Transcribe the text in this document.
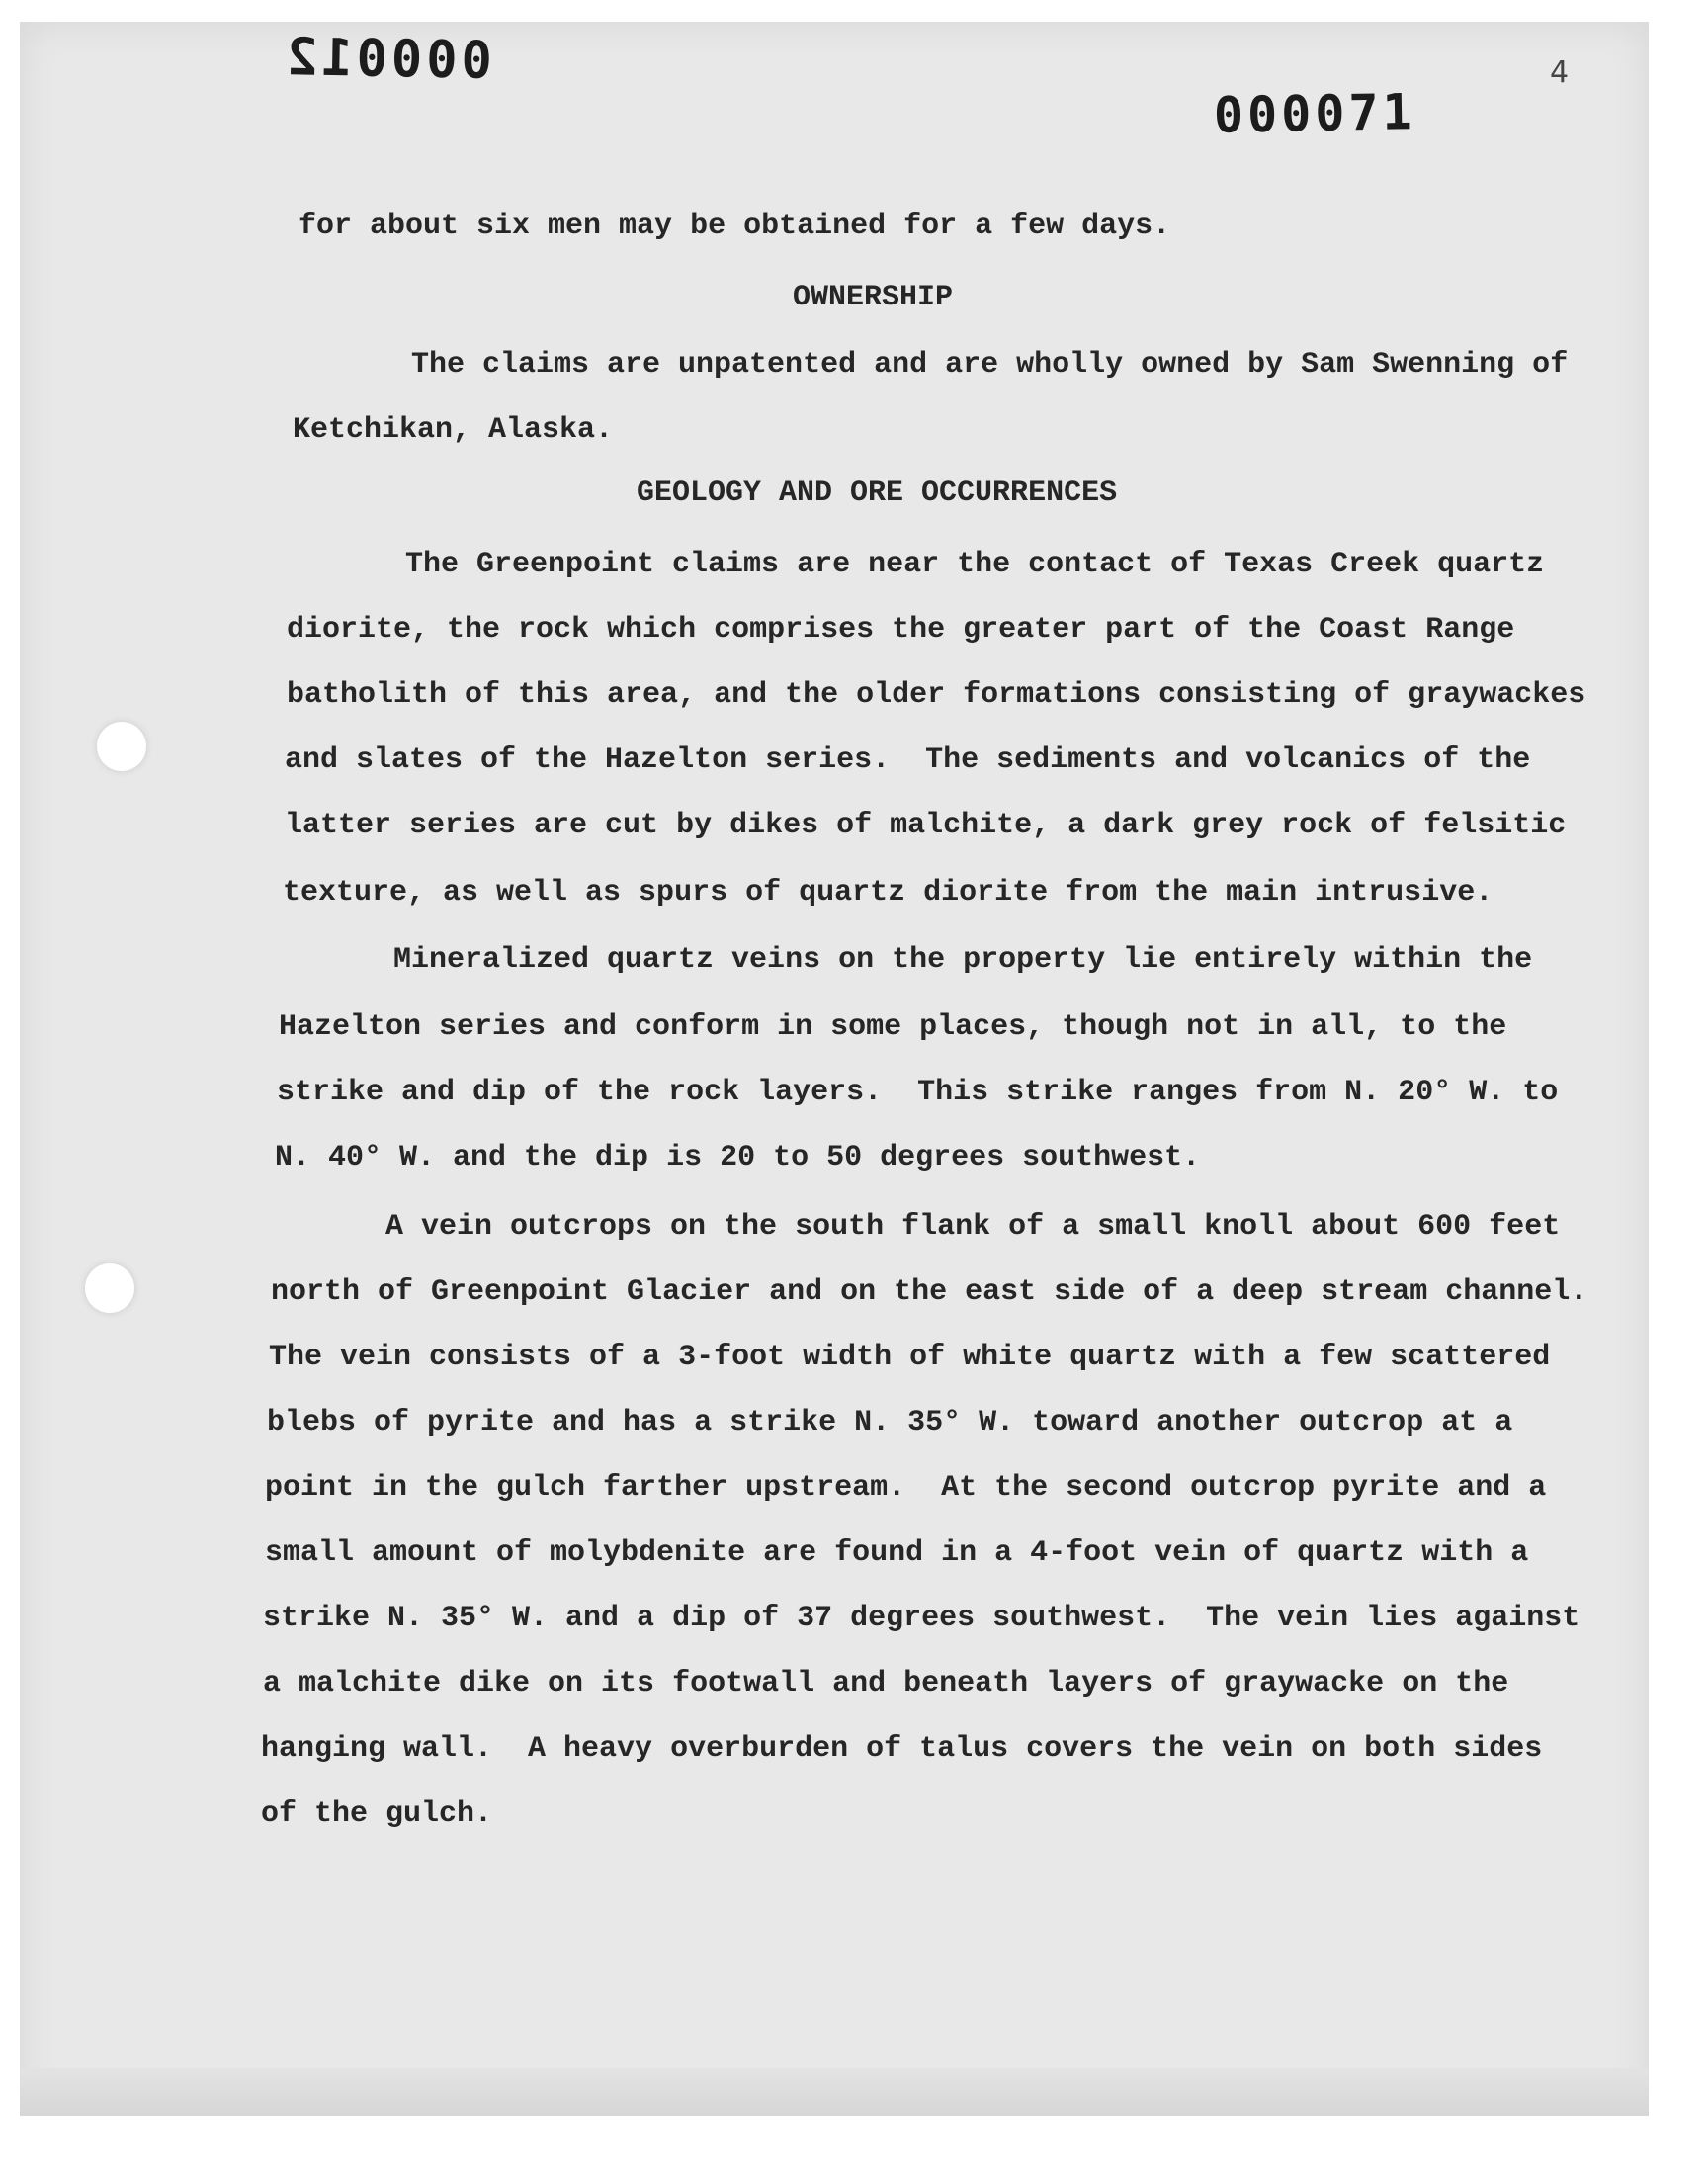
000012
000071
4
for about six men may be obtained for a few days.
OWNERSHIP
The claims are unpatented and are wholly owned by Sam Swenning of
Ketchikan, Alaska.
GEOLOGY AND ORE OCCURRENCES
The Greenpoint claims are near the contact of Texas Creek quartz
diorite, the rock which comprises the greater part of the Coast Range
batholith of this area, and the older formations consisting of graywackes
and slates of the Hazelton series.  The sediments and volcanics of the
latter series are cut by dikes of malchite, a dark grey rock of felsitic
texture, as well as spurs of quartz diorite from the main intrusive.
Mineralized quartz veins on the property lie entirely within the
Hazelton series and conform in some places, though not in all, to the
strike and dip of the rock layers.  This strike ranges from N. 20° W. to
N. 40° W. and the dip is 20 to 50 degrees southwest.
A vein outcrops on the south flank of a small knoll about 600 feet
north of Greenpoint Glacier and on the east side of a deep stream channel.
The vein consists of a 3-foot width of white quartz with a few scattered
blebs of pyrite and has a strike N. 35° W. toward another outcrop at a
point in the gulch farther upstream.  At the second outcrop pyrite and a
small amount of molybdenite are found in a 4-foot vein of quartz with a
strike N. 35° W. and a dip of 37 degrees southwest.  The vein lies against
a malchite dike on its footwall and beneath layers of graywacke on the
hanging wall.  A heavy overburden of talus covers the vein on both sides
of the gulch.
